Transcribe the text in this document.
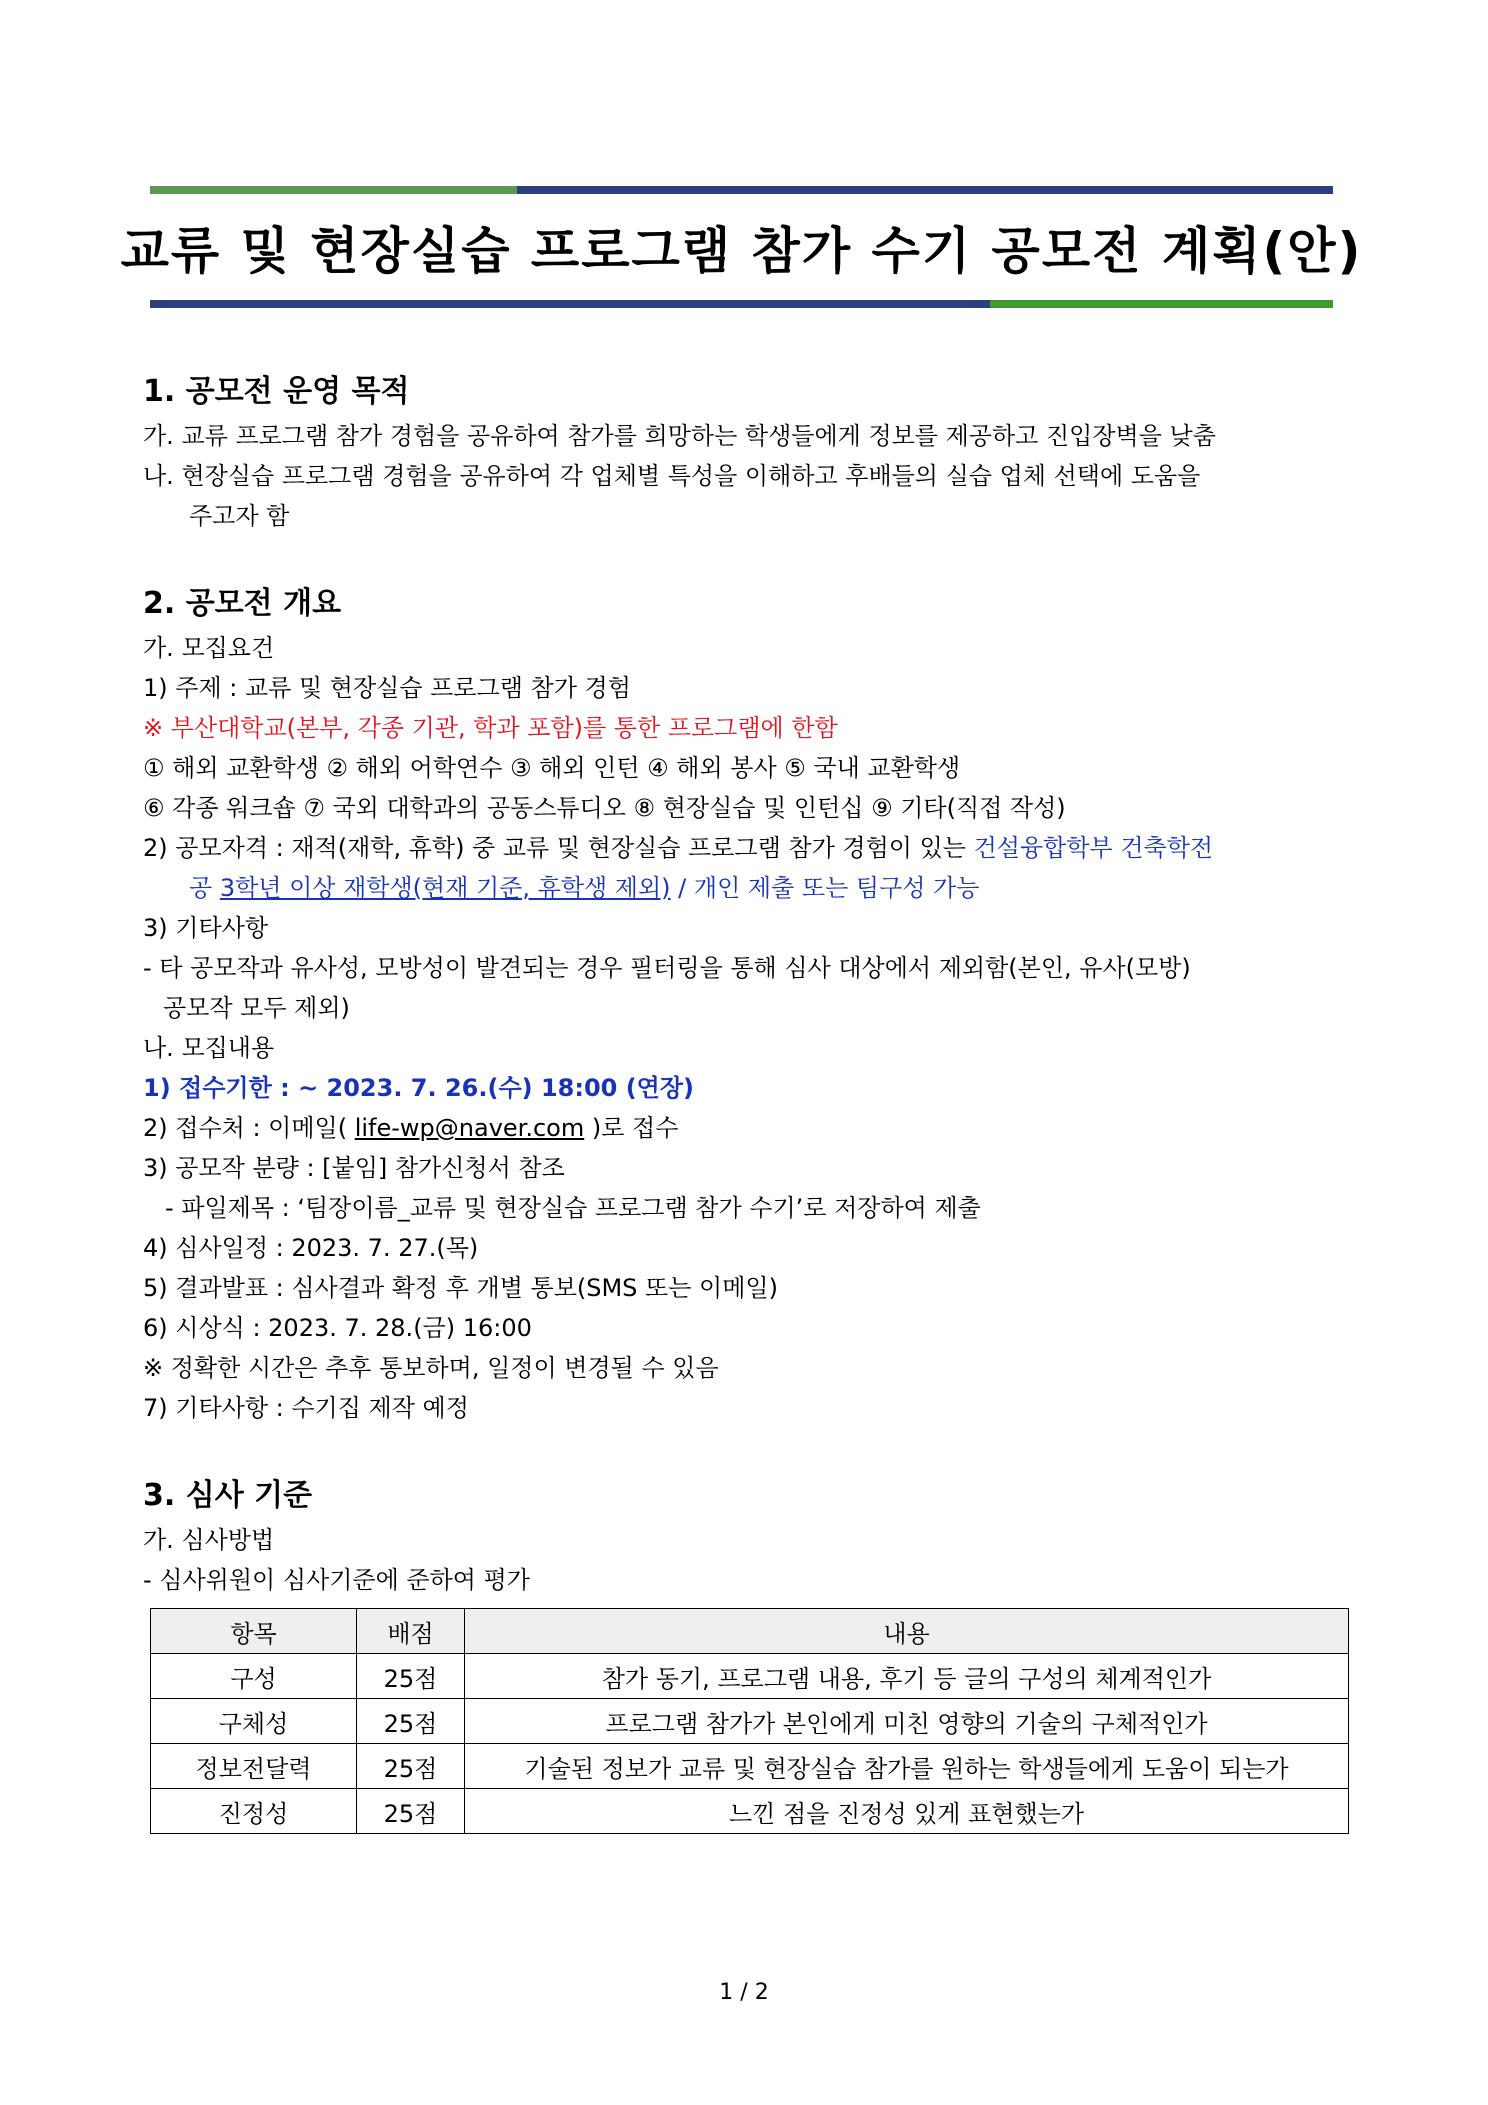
교류 및 현장실습 프로그램 참가 수기 공모전 계획(안)
1. 공모전 운영 목적
가. 교류 프로그램 참가 경험을 공유하여 참가를 희망하는 학생들에게 정보를 제공하고 진입장벽을 낮춤
나. 현장실습 프로그램 경험을 공유하여 각 업체별 특성을 이해하고 후배들의 실습 업체 선택에 도움을
주고자 함
2. 공모전 개요
가. 모집요건
1) 주제 : 교류 및 현장실습 프로그램 참가 경험
※ 부산대학교(본부, 각종 기관, 학과 포함)를 통한 프로그램에 한함
① 해외 교환학생 ② 해외 어학연수 ③ 해외 인턴 ④ 해외 봉사 ⑤ 국내 교환학생
⑥ 각종 워크숍 ⑦ 국외 대학과의 공동스튜디오 ⑧ 현장실습 및 인턴십 ⑨ 기타(직접 작성)
2) 공모자격 : 재적(재학, 휴학) 중 교류 및 현장실습 프로그램 참가 경험이 있는 건설융합학부 건축학전
공 3학년 이상 재학생(현재 기준, 휴학생 제외) / 개인 제출 또는 팀구성 가능
3) 기타사항
- 타 공모작과 유사성, 모방성이 발견되는 경우 필터링을 통해 심사 대상에서 제외함(본인, 유사(모방)
공모작 모두 제외)
나. 모집내용
1) 접수기한 : ~ 2023. 7. 26.(수) 18:00 (연장)
2) 접수처 : 이메일( life-wp@naver.com )로 접수
3) 공모작 분량 : [붙임] 참가신청서 참조
- 파일제목 : ‘팀장이름_교류 및 현장실습 프로그램 참가 수기’로 저장하여 제출
4) 심사일정 : 2023. 7. 27.(목)
5) 결과발표 : 심사결과 확정 후 개별 통보(SMS 또는 이메일)
6) 시상식 : 2023. 7. 28.(금) 16:00
※ 정확한 시간은 추후 통보하며, 일정이 변경될 수 있음
7) 기타사항 : 수기집 제작 예정
3. 심사 기준
가. 심사방법
- 심사위원이 심사기준에 준하여 평가
항목	배점	내용
구성	25점	참가 동기, 프로그램 내용, 후기 등 글의 구성의 체계적인가
구체성	25점	프로그램 참가가 본인에게 미친 영향의 기술의 구체적인가
정보전달력	25점	기술된 정보가 교류 및 현장실습 참가를 원하는 학생들에게 도움이 되는가
진정성	25점	느낀 점을 진정성 있게 표현했는가
1 / 2
